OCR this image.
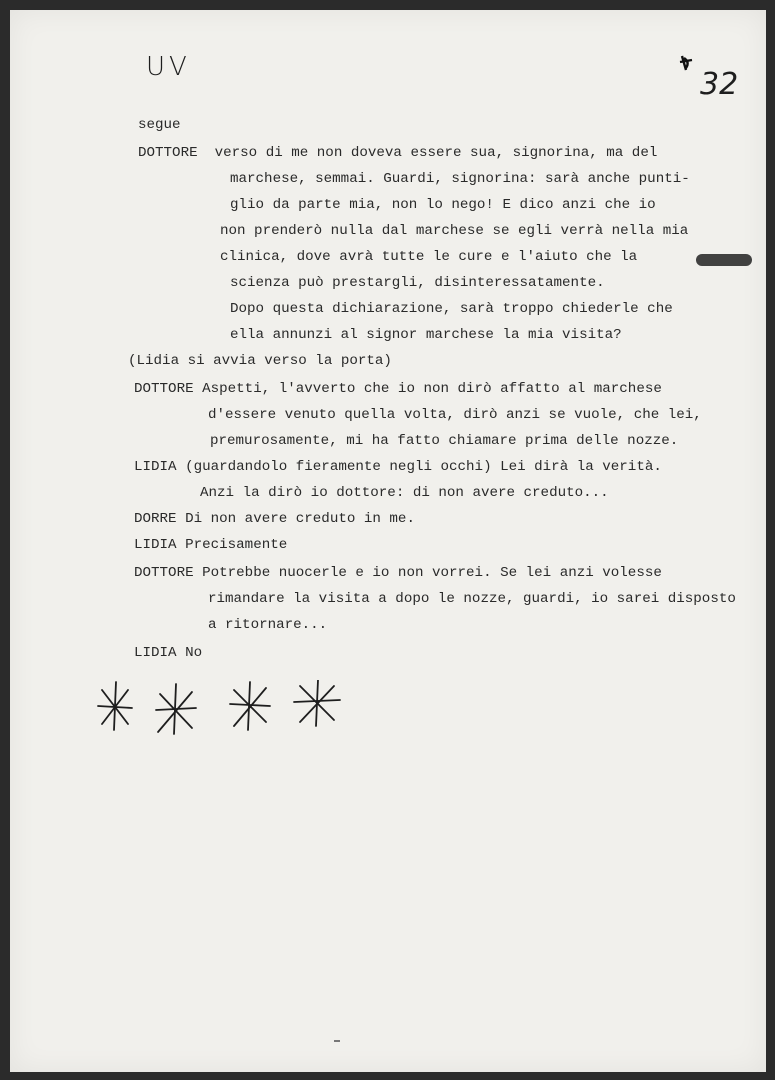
UV	32
segue
DOTTORE  verso di me non doveva essere sua, signorina, ma del
marchese, semmai. Guardi, signorina: sarà anche punti-
glio da parte mia, non lo nego! E dico anzi che io
non prenderò nulla dal marchese se egli verrà nella mia
clinica, dove avrà tutte le cure e l'aiuto che la
scienza può prestargli, disinteressatamente.
Dopo questa dichiarazione, sarà troppo chiederle che
ella annunzi al signor marchese la mia visita?
(Lidia si avvia verso la porta)
DOTTORE Aspetti, l'avverto che io non dirò affatto al marchese
d'essere venuto quella volta, dirò anzi se vuole, che lei,
premurosamente, mi ha fatto chiamare prima delle nozze.
LIDIA (guardandolo fieramente negli occhi) Lei dirà la verità.
Anzi la dirò io dottore: di non avere creduto...
DORRE Di non avere creduto in me.
LIDIA Precisamente
DOTTORE Potrebbe nuocerle e io non vorrei. Se lei anzi volesse
rimandare la visita a dopo le nozze, guardi, io sarei disposto
a ritornare...
LIDIA No
